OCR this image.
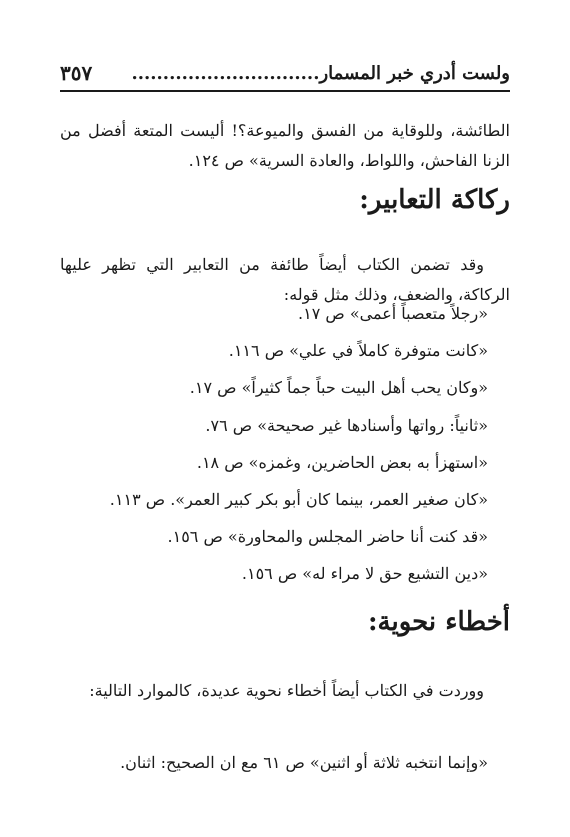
ولست أدري خبر المسمار..............................
٣٥٧

الطائشة، وللوقاية من الفسق والميوعة؟! أليست المتعة أفضل من الزنا الفاحش، واللواط، والعادة السرية» ص ١٢٤.

ركاكة التعابير:

وقد تضمن الكتاب أيضاً طائفة من التعابير التي تظهر عليها الركاكة، والضعف، وذلك مثل قوله:

«رجلاً متعصباً أعمى» ص ١٧.
«كانت متوفرة كاملاً في علي» ص ١١٦.
«وكان يحب أهل البيت حباً جماً كثيراً» ص ١٧.
«ثانياً: رواتها وأسنادها غير صحيحة» ص ٧٦.
«استهزأ به بعض الحاضرين، وغمزه» ص ١٨.
«كان صغير العمر، بينما كان أبو بكر كبير العمر». ص ١١٣.
«قد كنت أنا حاضر المجلس والمحاورة» ص ١٥٦.
«دين التشيع حق لا مراء له» ص ١٥٦.
أخطاء نحوية:

ووردت في الكتاب أيضاً أخطاء نحوية عديدة، كالموارد التالية:

«وإنما انتخبه ثلاثة أو اثنين» ص ٦١ مع ان الصحيح: اثنان.
